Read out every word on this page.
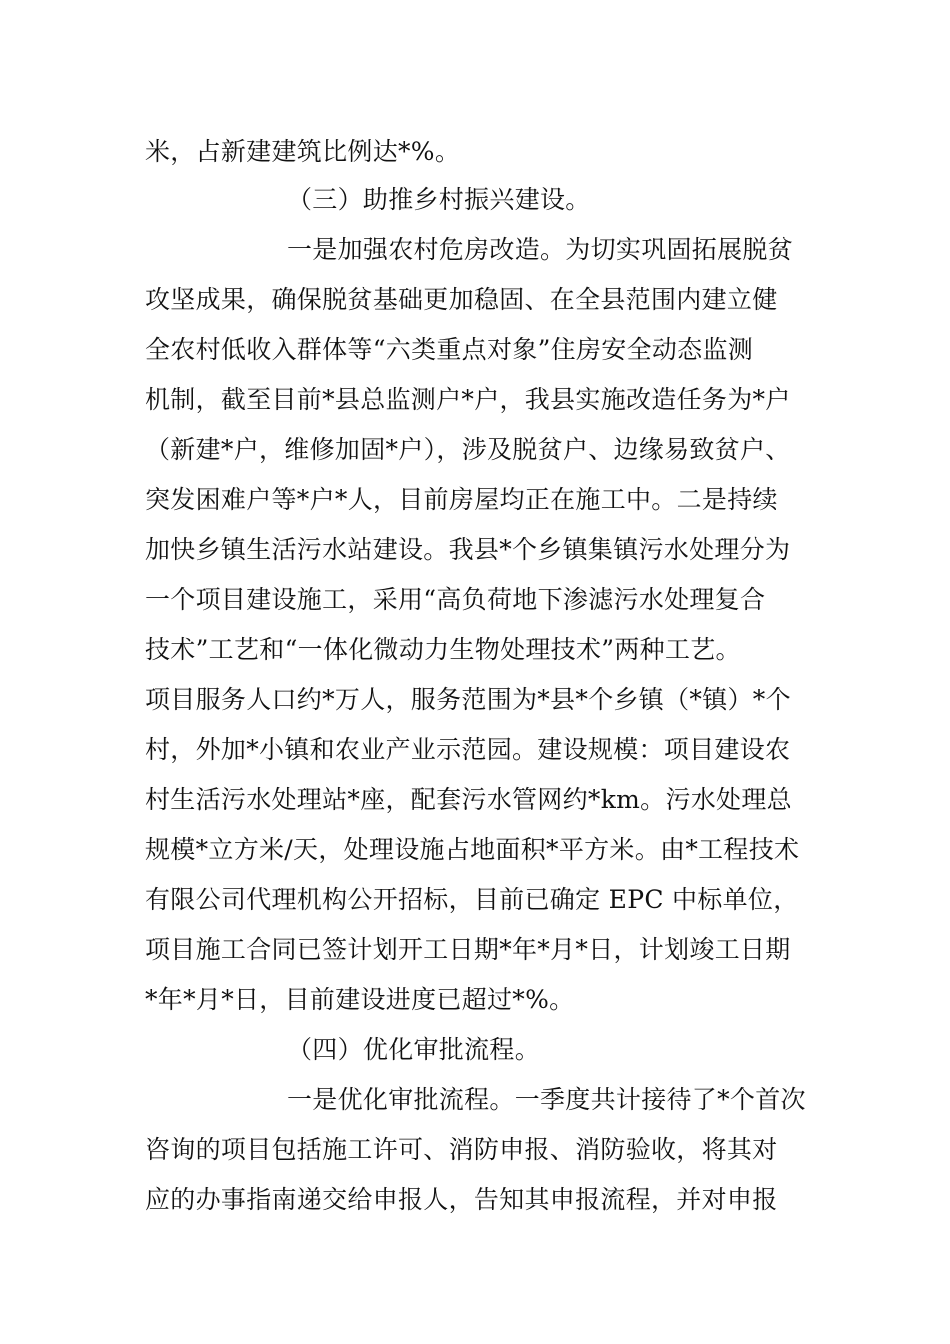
米，占新建建筑比例达*%。
（三）助推乡村振兴建设。
一是加强农村危房改造。为切实巩固拓展脱贫
攻坚成果，确保脱贫基础更加稳固、在全县范围内建立健
全农村低收入群体等“六类重点对象”住房安全动态监测
机制，截至目前*县总监测户*户，我县实施改造任务为*户
（新建*户，维修加固*户），涉及脱贫户、边缘易致贫户、
突发困难户等*户*人，目前房屋均正在施工中。二是持续
加快乡镇生活污水站建设。我县*个乡镇集镇污水处理分为
一个项目建设施工，采用“高负荷地下渗滤污水处理复合
技术”工艺和“一体化微动力生物处理技术”两种工艺。
项目服务人口约*万人，服务范围为*县*个乡镇（*镇）*个
村，外加*小镇和农业产业示范园。建设规模：项目建设农
村生活污水处理站*座，配套污水管网约*km。污水处理总
规模*立方米/天，处理设施占地面积*平方米。由*工程技术
有限公司代理机构公开招标，目前已确定 EPC 中标单位，
项目施工合同已签计划开工日期*年*月*日，计划竣工日期
*年*月*日，目前建设进度已超过*%。
（四）优化审批流程。
一是优化审批流程。一季度共计接待了*个首次
咨询的项目包括施工许可、消防申报、消防验收，将其对
应的办事指南递交给申报人，告知其申报流程，并对申报
